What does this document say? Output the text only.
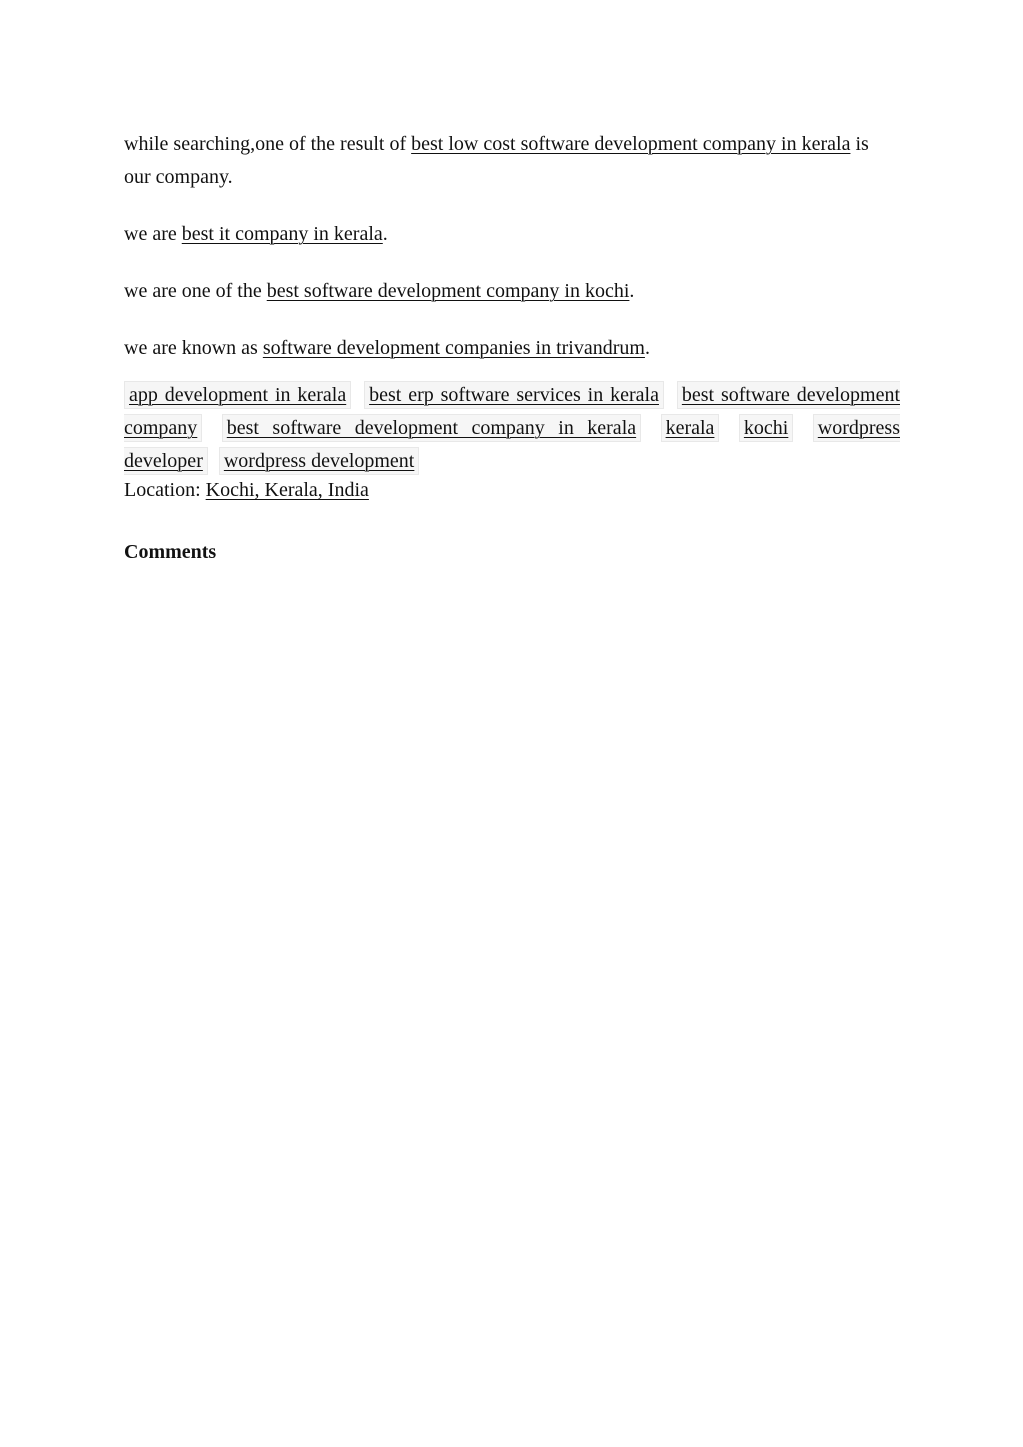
while searching,one of the result of best low cost software development company in kerala is our company.

we are best it company in kerala.

we are one of the best software development company in kochi.

we are known as software development companies in trivandrum.

app development in kerala best erp software services in kerala best software development company best software development company in kerala kerala kochi wordpress developer wordpress development

Location: Kochi, Kerala, India

Comments
